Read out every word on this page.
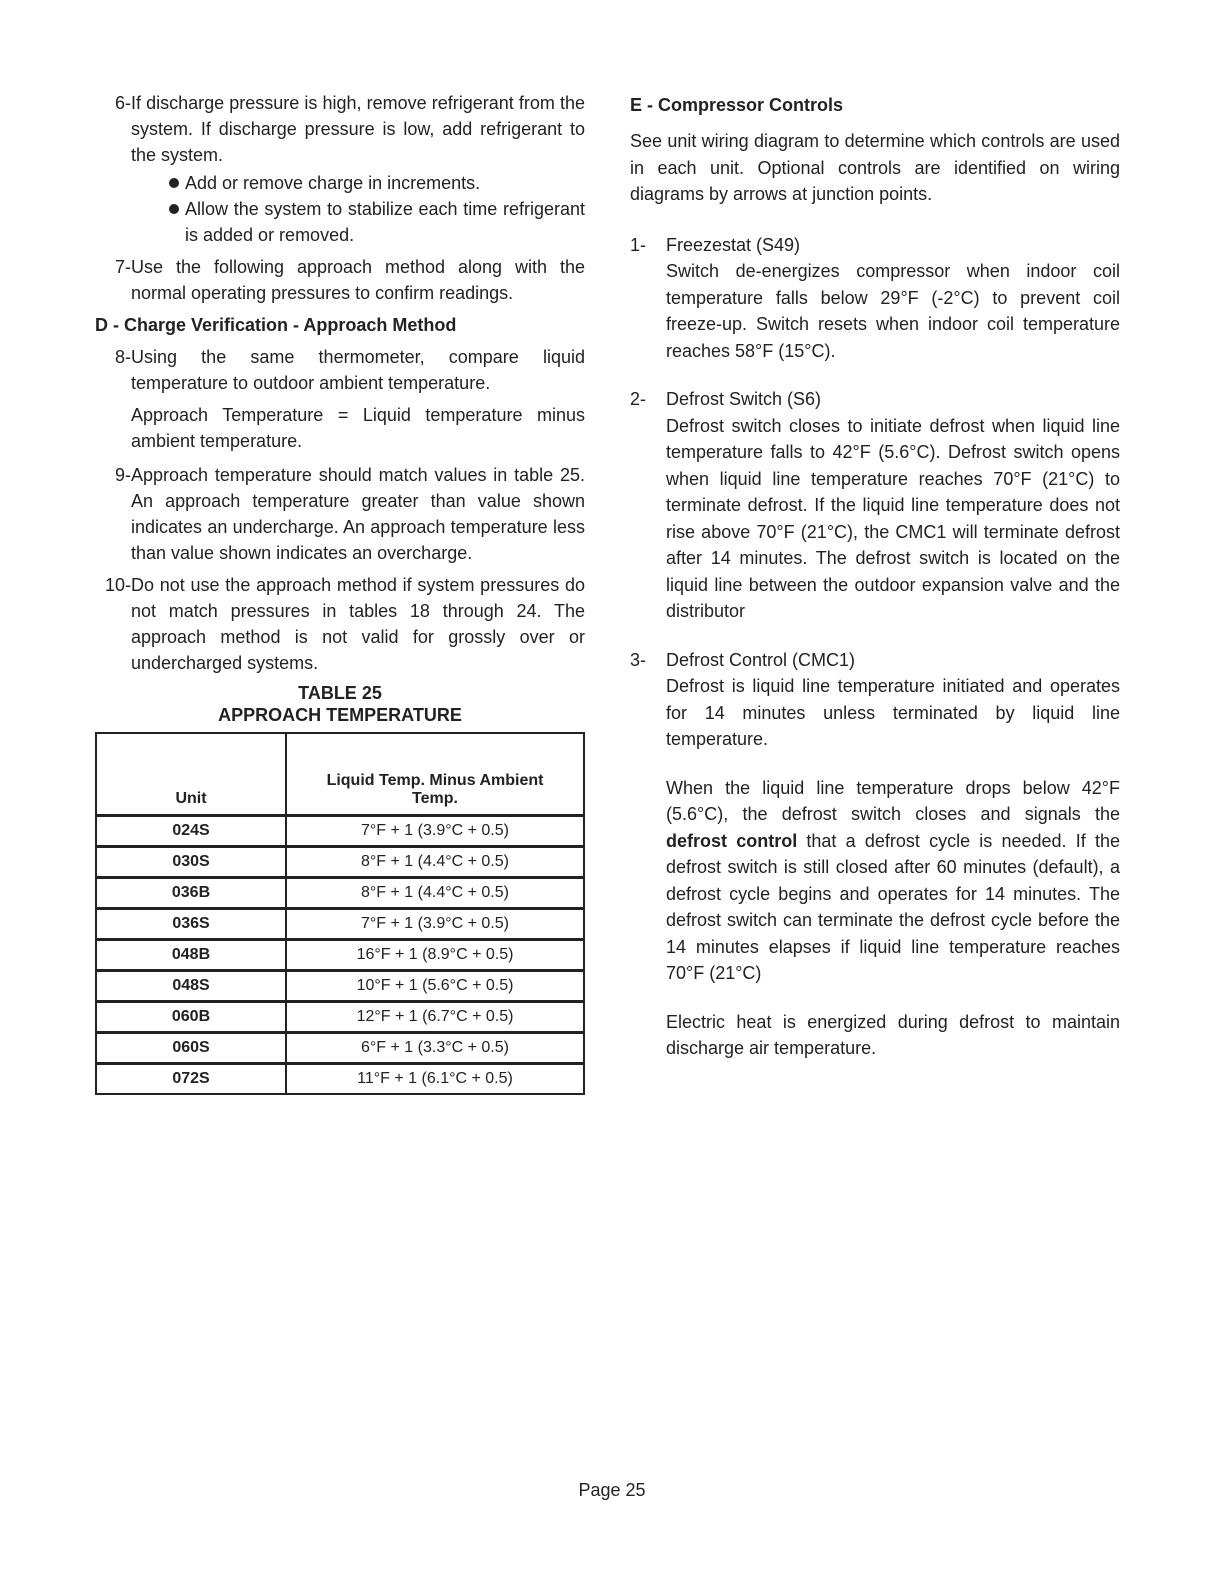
6- If discharge pressure is high, remove refrigerant from the system. If discharge pressure is low, add refrigerant to the system.
Add or remove charge in increments.
Allow the system to stabilize each time refrigerant is added or removed.
7- Use the following approach method along with the normal operating pressures to confirm readings.
D - Charge Verification - Approach Method
8- Using the same thermometer, compare liquid temperature to outdoor ambient temperature.
Approach Temperature = Liquid temperature minus ambient temperature.
9- Approach temperature should match values in table 25. An approach temperature greater than value shown indicates an undercharge. An approach temperature less than value shown indicates an overcharge.
10- Do not use the approach method if system pressures do not match pressures in tables 18 through 24. The approach method is not valid for grossly over or undercharged systems.
TABLE 25
APPROACH TEMPERATURE
Unit	Liquid Temp. Minus Ambient Temp.
024S	7°F + 1 (3.9°C + 0.5)
030S	8°F + 1 (4.4°C + 0.5)
036B	8°F + 1 (4.4°C + 0.5)
036S	7°F + 1 (3.9°C + 0.5)
048B	16°F + 1 (8.9°C + 0.5)
048S	10°F + 1 (5.6°C + 0.5)
060B	12°F + 1 (6.7°C + 0.5)
060S	6°F + 1 (3.3°C + 0.5)
072S	11°F + 1 (6.1°C + 0.5)
E - Compressor Controls
See unit wiring diagram to determine which controls are used in each unit. Optional controls are identified on wiring diagrams by arrows at junction points.
1-	Freezestat (S49)

Switch de-energizes compressor when indoor coil temperature falls below 29°F (-2°C) to prevent coil freeze-up. Switch resets when indoor coil temperature reaches 58°F (15°C).

2-	Defrost Switch (S6)

Defrost switch closes to initiate defrost when liquid line temperature falls to 42°F (5.6°C). Defrost switch opens when liquid line temperature reaches 70°F (21°C) to terminate defrost. If the liquid line temperature does not rise above 70°F (21°C), the CMC1 will terminate defrost after 14 minutes. The defrost switch is located on the liquid line between the outdoor expansion valve and the distributor

3-	Defrost Control (CMC1)

Defrost is liquid line temperature initiated and operates for 14 minutes unless terminated by liquid line temperature.

When the liquid line temperature drops below 42°F (5.6°C), the defrost switch closes and signals the defrost control that a defrost cycle is needed. If the defrost switch is still closed after 60 minutes (default), a defrost cycle begins and operates for 14 minutes. The defrost switch can terminate the defrost cycle before the 14 minutes elapses if liquid line temperature reaches 70°F (21°C)

Electric heat is energized during defrost to maintain discharge air temperature.

Page 25
